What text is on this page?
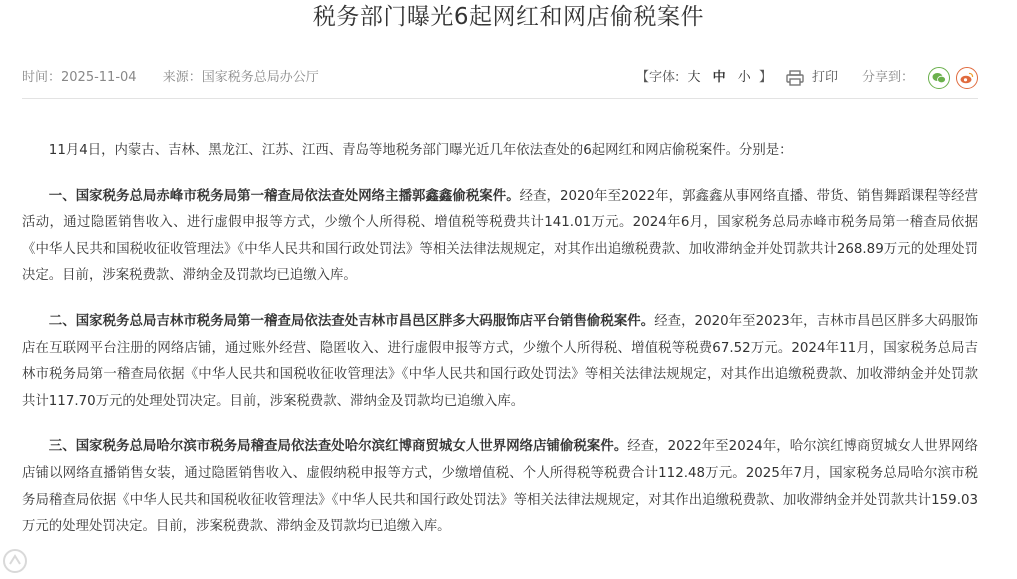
税务部门曝光6起网红和网店偷税案件
时间：2025-11-04 来源：国家税务总局办公厅	【字体: 大 中 小 】	打印 分享到：

11月4日，内蒙古、吉林、黑龙江、江苏、江西、青岛等地税务部门曝光近几年依法查处的6起网红和网店偷税案件。分别是：

一、国家税务总局赤峰市税务局第一稽查局依法查处网络主播郭鑫鑫偷税案件。经查，2020年至2022年，郭鑫鑫从事网络直播、带货、销售舞蹈课程等经营活动，通过隐匿销售收入、进行虚假申报等方式，少缴个人所得税、增值税等税费共计141.01万元。2024年6月，国家税务总局赤峰市税务局第一稽查局依据《中华人民共和国税收征收管理法》《中华人民共和国行政处罚法》等相关法律法规规定，对其作出追缴税费款、加收滞纳金并处罚款共计268.89万元的处理处罚决定。目前，涉案税费款、滞纳金及罚款均已追缴入库。

二、国家税务总局吉林市税务局第一稽查局依法查处吉林市昌邑区胖多大码服饰店平台销售偷税案件。经查，2020年至2023年，吉林市昌邑区胖多大码服饰店在互联网平台注册的网络店铺，通过账外经营、隐匿收入、进行虚假申报等方式，少缴个人所得税、增值税等税费67.52万元。2024年11月，国家税务总局吉林市税务局第一稽查局依据《中华人民共和国税收征收管理法》《中华人民共和国行政处罚法》等相关法律法规规定，对其作出追缴税费款、加收滞纳金并处罚款共计117.70万元的处理处罚决定。目前，涉案税费款、滞纳金及罚款均已追缴入库。

三、国家税务总局哈尔滨市税务局稽查局依法查处哈尔滨红博商贸城女人世界网络店铺偷税案件。经查，2022年至2024年，哈尔滨红博商贸城女人世界网络店铺以网络直播销售女装，通过隐匿销售收入、虚假纳税申报等方式，少缴增值税、个人所得税等税费合计112.48万元。2025年7月，国家税务总局哈尔滨市税务局稽查局依据《中华人民共和国税收征收管理法》《中华人民共和国行政处罚法》等相关法律法规规定，对其作出追缴税费款、加收滞纳金并处罚款共计159.03万元的处理处罚决定。目前，涉案税费款、滞纳金及罚款均已追缴入库。
